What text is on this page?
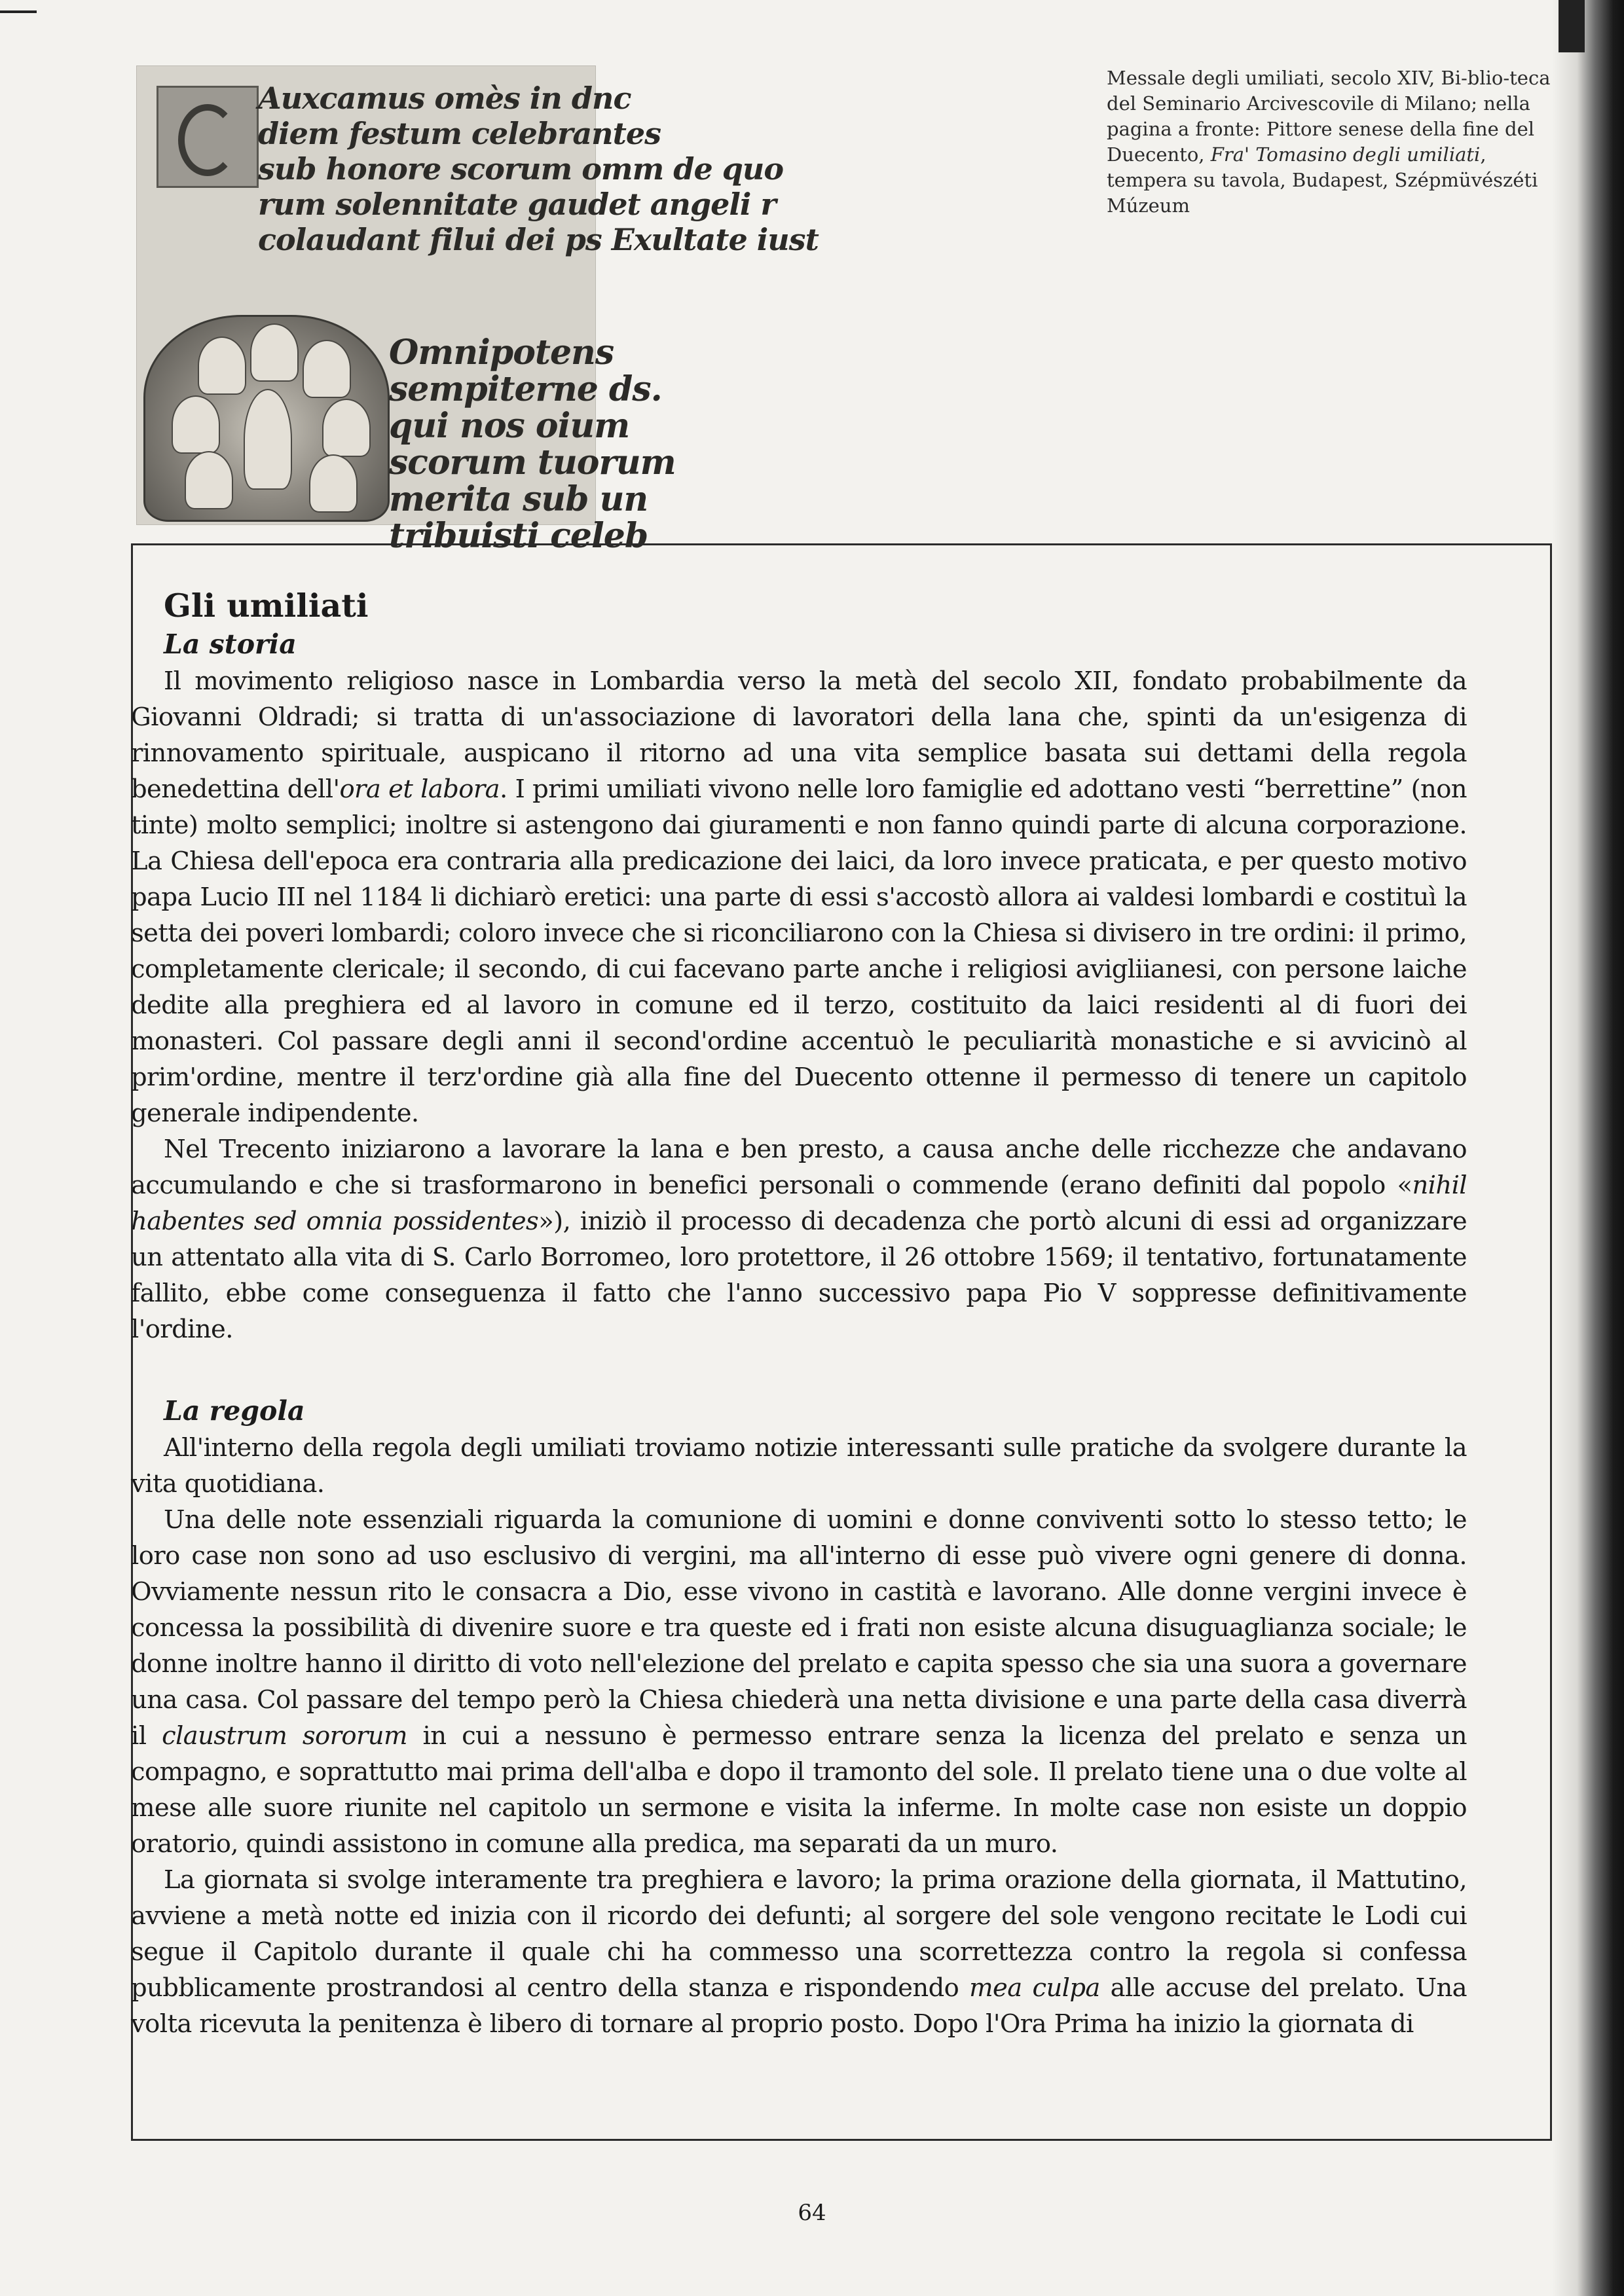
Auxcamus omès in dnc
diem festum celebrantes
sub honore scorum omm de quo
rum solennitate gaudet angeli r
colaudant filui dei ps Exultate iust
Omnipotens
sempiterne ds.
qui nos oium
scorum tuorum
merita sub un
tribuisti celeb
Messale degli umiliati, secolo XIV, Bi-blio-teca del Seminario Arcivescovile di Milano; nella pagina a fronte: Pittore senese della fine del Duecento, Fra' Tomasino degli umiliati, tempera su tavola, Budapest, Szépmüvészéti Múzeum
Gli umiliati
La storia

Il movimento religioso nasce in Lombardia verso la metà del secolo XII, fondato probabilmente da Giovanni Oldradi; si tratta di un'associazione di lavoratori della lana che, spinti da un'esigenza di rinnovamento spirituale, auspicano il ritorno ad una vita semplice basata sui dettami della regola benedettina dell'ora et labora. I primi umiliati vivono nelle loro famiglie ed adottano vesti “berrettine” (non tinte) molto semplici; inoltre si astengono dai giuramenti e non fanno quindi parte di alcuna corporazione. La Chiesa dell'epoca era contraria alla predicazione dei laici, da loro invece praticata, e per questo motivo papa Lucio III nel 1184 li dichiarò eretici: una parte di essi s'accostò allora ai valdesi lombardi e costituì la setta dei poveri lombardi; coloro invece che si riconciliarono con la Chiesa si divisero in tre ordini: il primo, completamente clericale; il secondo, di cui facevano parte anche i religiosi avigliianesi, con persone laiche dedite alla preghiera ed al lavoro in comune ed il terzo, costituito da laici residenti al di fuori dei monasteri. Col passare degli anni il second'ordine accentuò le peculiarità monastiche e si avvicinò al prim'ordine, mentre il terz'ordine già alla fine del Duecento ottenne il permesso di tenere un capitolo generale indipendente.

Nel Trecento iniziarono a lavorare la lana e ben presto, a causa anche delle ricchezze che andavano accumulando e che si trasformarono in benefici personali o commende (erano definiti dal popolo «nihil habentes sed omnia possidentes»), iniziò il processo di decadenza che portò alcuni di essi ad organizzare un attentato alla vita di S. Carlo Borromeo, loro protettore, il 26 ottobre 1569; il tentativo, fortunatamente fallito, ebbe come conseguenza il fatto che l'anno successivo papa Pio V soppresse definitivamente l'ordine.

La regola

All'interno della regola degli umiliati troviamo notizie interessanti sulle pratiche da svolgere durante la vita quotidiana.

Una delle note essenziali riguarda la comunione di uomini e donne conviventi sotto lo stesso tetto; le loro case non sono ad uso esclusivo di vergini, ma all'interno di esse può vivere ogni genere di donna. Ovviamente nessun rito le consacra a Dio, esse vivono in castità e lavorano. Alle donne vergini invece è concessa la possibilità di divenire suore e tra queste ed i frati non esiste alcuna disuguaglianza sociale; le donne inoltre hanno il diritto di voto nell'elezione del prelato e capita spesso che sia una suora a governare una casa. Col passare del tempo però la Chiesa chiederà una netta divisione e una parte della casa diverrà il claustrum sororum in cui a nessuno è permesso entrare senza la licenza del prelato e senza un compagno, e soprattutto mai prima dell'alba e dopo il tramonto del sole. Il prelato tiene una o due volte al mese alle suore riunite nel capitolo un sermone e visita la inferme. In molte case non esiste un doppio oratorio, quindi assistono in comune alla predica, ma separati da un muro.

La giornata si svolge interamente tra preghiera e lavoro; la prima orazione della giornata, il Mattutino, avviene a metà notte ed inizia con il ricordo dei defunti; al sorgere del sole vengono recitate le Lodi cui segue il Capitolo durante il quale chi ha commesso una scorrettezza contro la regola si confessa pubblicamente prostrandosi al centro della stanza e rispondendo mea culpa alle accuse del prelato. Una volta ricevuta la penitenza è libero di tornare al proprio posto. Dopo l'Ora Prima ha inizio la giornata di

64
